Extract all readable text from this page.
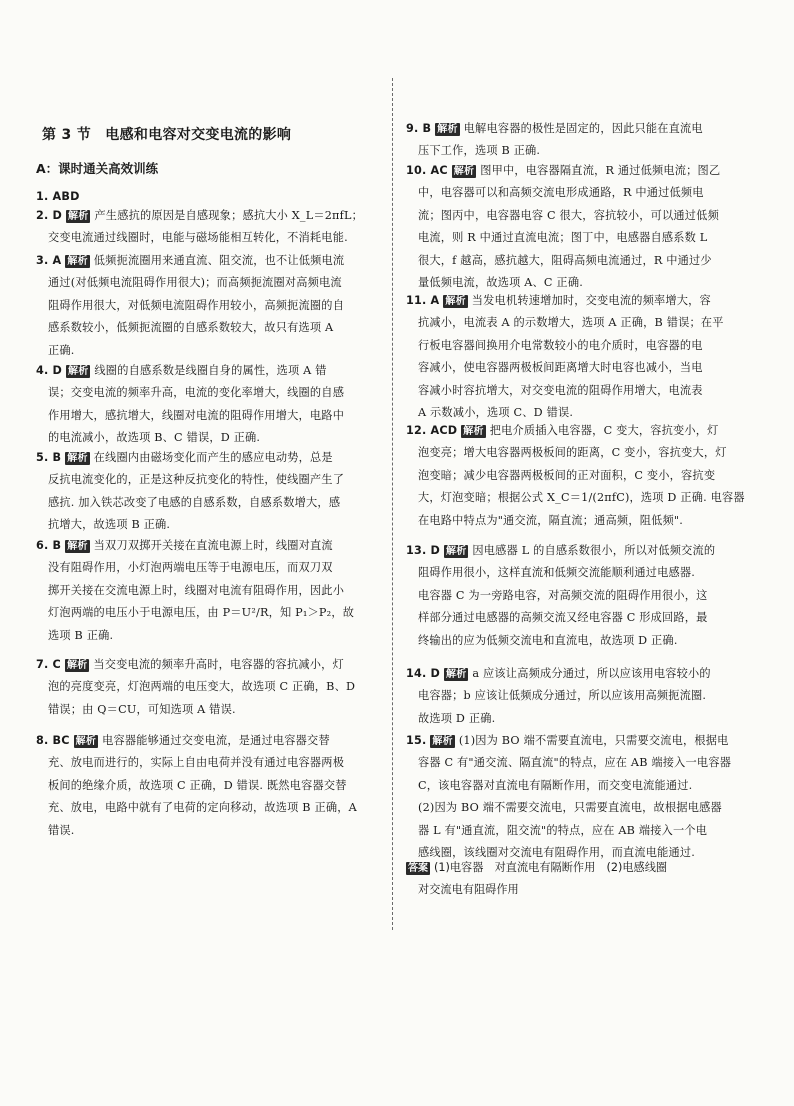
第 3 节　电感和电容对交变电流的影响
A：课时通关高效训练
1. ABD
2. D 解析 产生感抗的原因是自感现象；感抗大小 X_L＝2πfL；
交变电流通过线圈时，电能与磁场能相互转化，不消耗电能.
3. A 解析 低频扼流圈用来通直流、阻交流，也不让低频电流
通过(对低频电流阻碍作用很大)；而高频扼流圈对高频电流
阻碍作用很大，对低频电流阻碍作用较小，高频扼流圈的自
感系数较小，低频扼流圈的自感系数较大，故只有选项 A
正确.
4. D 解析 线圈的自感系数是线圈自身的属性，选项 A 错
误；交变电流的频率升高，电流的变化率增大，线圈的自感
作用增大，感抗增大，线圈对电流的阻碍作用增大，电路中
的电流减小，故选项 B、C 错误，D 正确.
5. B 解析 在线圈内由磁场变化而产生的感应电动势，总是
反抗电流变化的，正是这种反抗变化的特性，使线圈产生了
感抗. 加入铁芯改变了电感的自感系数，自感系数增大，感
抗增大，故选项 B 正确.
6. B 解析 当双刀双掷开关接在直流电源上时，线圈对直流
没有阻碍作用，小灯泡两端电压等于电源电压，而双刀双
掷开关接在交流电源上时，线圈对电流有阻碍作用，因此小
灯泡两端的电压小于电源电压，由 P＝U²/R，知 P₁＞P₂，故
选项 B 正确.
7. C 解析 当交变电流的频率升高时，电容器的容抗减小，灯
泡的亮度变亮，灯泡两端的电压变大，故选项 C 正确，B、D
错误；由 Q＝CU，可知选项 A 错误.
8. BC 解析 电容器能够通过交变电流，是通过电容器交替
充、放电而进行的，实际上自由电荷并没有通过电容器两极
板间的绝缘介质，故选项 C 正确，D 错误. 既然电容器交替
充、放电，电路中就有了电荷的定向移动，故选项 B 正确，A
错误.
9. B 解析 电解电容器的极性是固定的，因此只能在直流电
压下工作，选项 B 正确.
10. AC 解析 图甲中，电容器隔直流，R 通过低频电流；图乙
中，电容器可以和高频交流电形成通路，R 中通过低频电
流；图丙中，电容器电容 C 很大，容抗较小，可以通过低频
电流，则 R 中通过直流电流；图丁中，电感器自感系数 L
很大，f 越高，感抗越大，阻碍高频电流通过，R 中通过少
量低频电流，故选项 A、C 正确.
11. A 解析 当发电机转速增加时，交变电流的频率增大，容
抗减小，电流表 A 的示数增大，选项 A 正确，B 错误；在平
行板电容器间换用介电常数较小的电介质时，电容器的电
容减小，使电容器两极板间距离增大时电容也减小，当电
容减小时容抗增大，对交变电流的阻碍作用增大，电流表
A 示数减小，选项 C、D 错误.
12. ACD 解析 把电介质插入电容器，C 变大，容抗变小，灯
泡变亮；增大电容器两极板间的距离，C 变小，容抗变大，灯
泡变暗；减少电容器两极板间的正对面积，C 变小，容抗变
大，灯泡变暗；根据公式 X_C＝1/(2πfC)，选项 D 正确. 电容器
在电路中特点为"通交流，隔直流；通高频，阻低频".
13. D 解析 因电感器 L 的自感系数很小，所以对低频交流的
阻碍作用很小，这样直流和低频交流能顺利通过电感器.
电容器 C 为一旁路电容，对高频交流的阻碍作用很小，这
样部分通过电感器的高频交流又经电容器 C 形成回路，最
终输出的应为低频交流电和直流电，故选项 D 正确.
14. D 解析 a 应该让高频成分通过，所以应该用电容较小的
电容器；b 应该让低频成分通过，所以应该用高频扼流圈.
故选项 D 正确.
15. 解析 (1)因为 BO 端不需要直流电，只需要交流电，根据电
容器 C 有"通交流、隔直流"的特点，应在 AB 端接入一电容器
C，该电容器对直流电有隔断作用，而交变电流能通过.
(2)因为 BO 端不需要交流电，只需要直流电，故根据电感器
器 L 有"通直流，阻交流"的特点，应在 AB 端接入一个电
感线圈，该线圈对交流电有阻碍作用，而直流电能通过.
答案 (1)电容器　对直流电有隔断作用　(2)电感线圈
对交流电有阻碍作用
